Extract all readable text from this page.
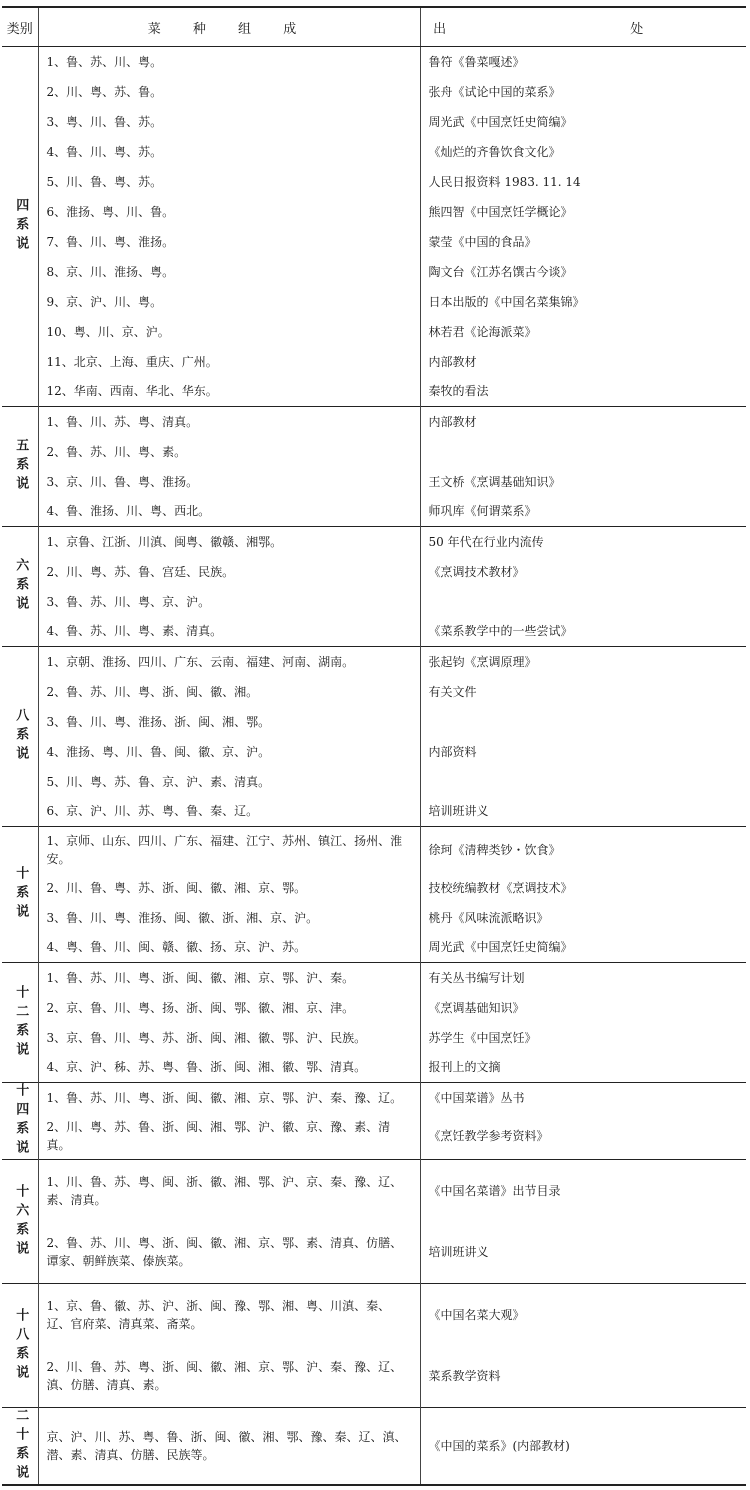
类别	菜 种 组 成	出 处
四系说	1、鲁、苏、川、粤。	鲁符《鲁菜嘎述》
	2、川、粤、苏、鲁。	张舟《试论中国的菜系》
	3、粤、川、鲁、苏。	周光武《中国烹饪史简编》
	4、鲁、川、粤、苏。	《灿烂的齐鲁饮食文化》
	5、川、鲁、粤、苏。	人民日报资料 1983. 11. 14
	6、淮扬、粤、川、鲁。	熊四智《中国烹饪学概论》
	7、鲁、川、粤、淮扬。	蒙莹《中国的食品》
	8、京、川、淮扬、粤。	陶文台《江苏名馔古今谈》
	9、京、沪、川、粤。	日本出版的《中国名菜集锦》
	10、粤、川、京、沪。	林若君《论海派菜》
	11、北京、上海、重庆、广州。	内部教材
	12、华南、西南、华北、华东。	秦牧的看法
五系说	1、鲁、川、苏、粤、清真。	内部教材
	2、鲁、苏、川、粤、素。	
	3、京、川、鲁、粤、淮扬。	王文桥《烹调基础知识》
	4、鲁、淮扬、川、粤、西北。	师巩库《何谓菜系》
六系说	1、京鲁、江浙、川滇、闽粤、徽赣、湘鄂。	50 年代在行业内流传
	2、川、粤、苏、鲁、宫廷、民族。	《烹调技术教材》
	3、鲁、苏、川、粤、京、沪。	
	4、鲁、苏、川、粤、素、清真。	《菜系教学中的一些尝试》
八系说	1、京朝、淮扬、四川、广东、云南、福建、河南、湖南。	张起钧《烹调原理》
	2、鲁、苏、川、粤、浙、闽、徽、湘。	有关文件
	3、鲁、川、粤、淮扬、浙、闽、湘、鄂。	
	4、淮扬、粤、川、鲁、闽、徽、京、沪。	内部资料
	5、川、粤、苏、鲁、京、沪、素、清真。	
	6、京、沪、川、苏、粤、鲁、秦、辽。	培训班讲义
十系说	1、京师、山东、四川、广东、福建、江宁、苏州、镇江、扬州、淮安。	徐珂《清稗类钞・饮食》
	2、川、鲁、粤、苏、浙、闽、徽、湘、京、鄂。	技校统编教材《烹调技术》
	3、鲁、川、粤、淮扬、闽、徽、浙、湘、京、沪。	桃丹《风味流派略识》
	4、粤、鲁、川、闽、赣、徽、扬、京、沪、苏。	周光武《中国烹饪史简编》
十二系说	1、鲁、苏、川、粤、浙、闽、徽、湘、京、鄂、沪、秦。	有关丛书编写计划
	2、京、鲁、川、粤、扬、浙、闽、鄂、徽、湘、京、津。	《烹调基础知识》
	3、京、鲁、川、粤、苏、浙、闽、湘、徽、鄂、沪、民族。	苏学生《中国烹饪》
	4、京、沪、秭、苏、粤、鲁、浙、闽、湘、徽、鄂、清真。	报刊上的文摘
十四系说	1、鲁、苏、川、粤、浙、闽、徽、湘、京、鄂、沪、秦、豫、辽。	《中国菜谱》丛书
	2、川、粤、苏、鲁、浙、闽、湘、鄂、沪、徽、京、豫、素、清真。	《烹饪教学参考资料》
十六系说	1、川、鲁、苏、粤、闽、浙、徽、湘、鄂、沪、京、秦、豫、辽、素、清真。	《中国名菜谱》出节目录
	2、鲁、苏、川、粤、浙、闽、徽、湘、京、鄂、素、清真、仿膳、谭家、朝鲜族菜、傣族菜。	培训班讲义
十八系说	1、京、鲁、徽、苏、沪、浙、闽、豫、鄂、湘、粤、川滇、秦、辽、官府菜、清真菜、斋菜。	《中国名菜大观》
	2、川、鲁、苏、粤、浙、闽、徽、湘、京、鄂、沪、秦、豫、辽、滇、仿膳、清真、素。	菜系教学资料
二十系说	京、沪、川、苏、粤、鲁、浙、闽、徽、湘、鄂、豫、秦、辽、滇、潜、素、清真、仿膳、民族等。	《中国的菜系》(内部教材)
